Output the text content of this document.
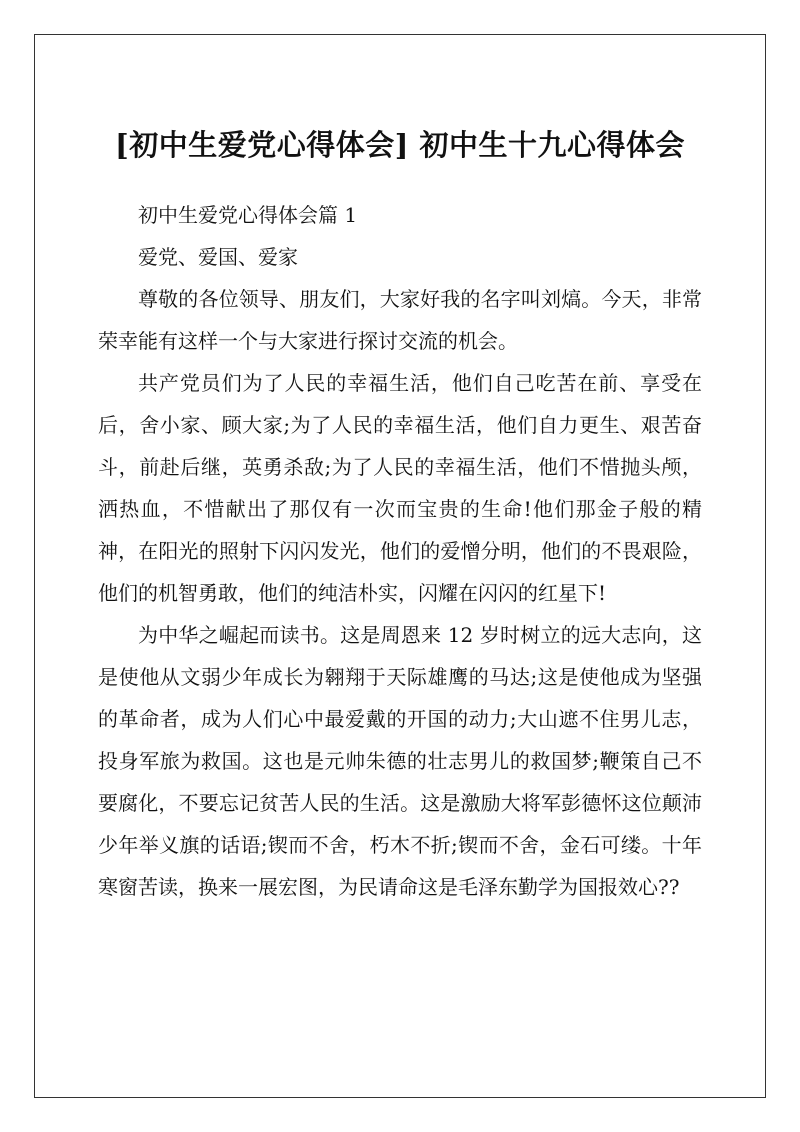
[初中生爱党心得体会] 初中生十九心得体会

初中生爱党心得体会篇 1

爱党、爱国、爱家

尊敬的各位领导、朋友们，大家好我的名字叫刘熇。今天，非常荣幸能有这样一个与大家进行探讨交流的机会。

共产党员们为了人民的幸福生活，他们自己吃苦在前、享受在后，舍小家、顾大家;为了人民的幸福生活，他们自力更生、艰苦奋斗，前赴后继，英勇杀敌;为了人民的幸福生活，他们不惜抛头颅，洒热血，不惜献出了那仅有一次而宝贵的生命!他们那金子般的精神，在阳光的照射下闪闪发光，他们的爱憎分明，他们的不畏艰险，他们的机智勇敢，他们的纯洁朴实，闪耀在闪闪的红星下!

为中华之崛起而读书。这是周恩来 12 岁时树立的远大志向，这是使他从文弱少年成长为翱翔于天际雄鹰的马达;这是使他成为坚强的革命者，成为人们心中最爱戴的开国的动力;大山遮不住男儿志，投身军旅为救国。这也是元帅朱德的壮志男儿的救国梦;鞭策自己不要腐化，不要忘记贫苦人民的生活。这是激励大将军彭德怀这位颠沛少年举义旗的话语;锲而不舍，朽木不折;锲而不舍，金石可缕。十年寒窗苦读，换来一展宏图，为民请命这是毛泽东勤学为国报效心??
